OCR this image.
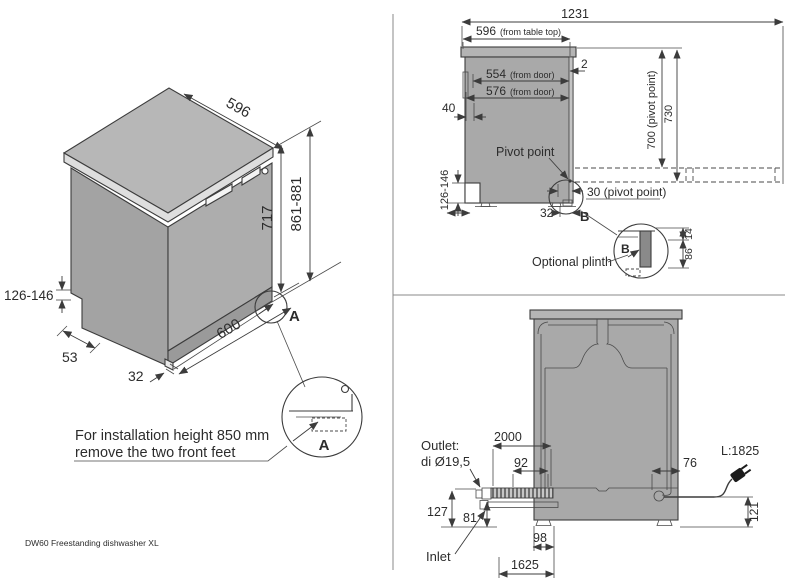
596
717 861-881
600
32
53
126-146
A
A
For installation height 850 mm
remove the two front feet
1231
596 (from table top)
2
554 (from door)
576 (from door)
40	700 (pivot point) 730
126-146
Pivot point
30 (pivot point)
32 B
B
14
86
Optional plinth
2000
92	76
L:1825
121
127 81
98
1625
Outlet:
di Ø19,5
Inlet
DW60 Freestanding dishwasher XL
